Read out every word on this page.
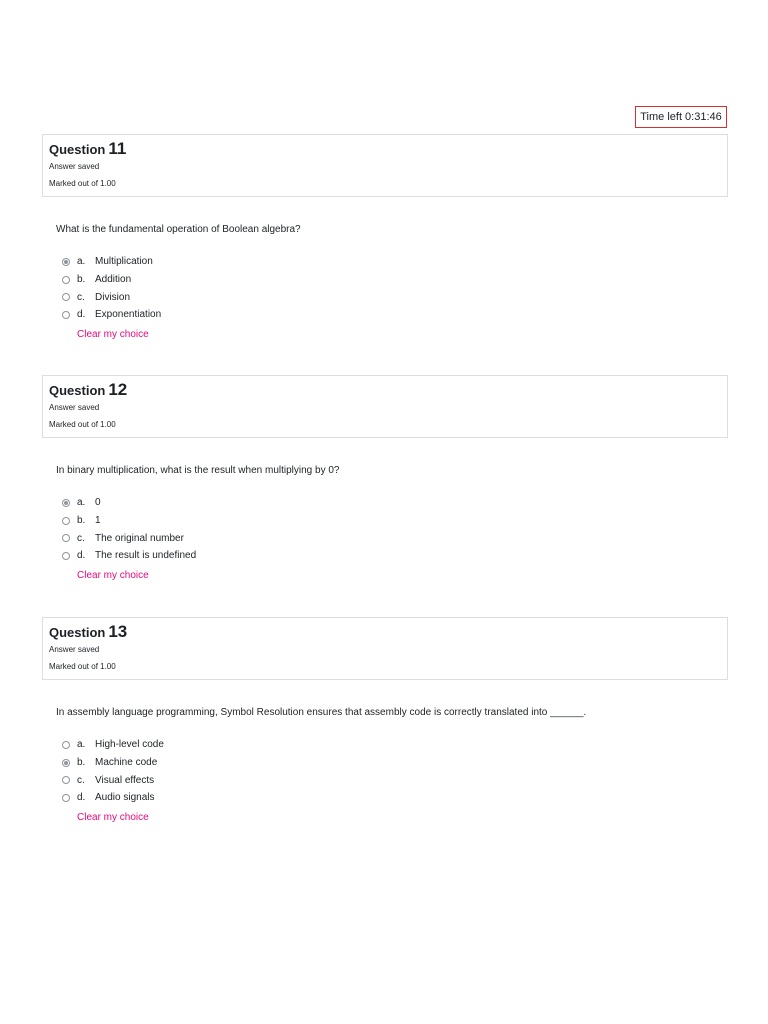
Time left 0:31:46
Question 11
Answer saved
Marked out of 1.00
What is the fundamental operation of Boolean algebra?
a. Multiplication
b. Addition
c.	Division
d. Exponentiation
Clear my choice
Question 12
Answer saved
Marked out of 1.00
In binary multiplication, what is the result when multiplying by 0?
a. 0
b. 1
c.	The original number
d. The result is undefined
Clear my choice
Question 13
Answer saved
Marked out of 1.00
In assembly language programming, Symbol Resolution ensures that assembly code is correctly translated into ______.
a. High-level code
b. Machine code
c.	Visual effects
d. Audio signals
Clear my choice
